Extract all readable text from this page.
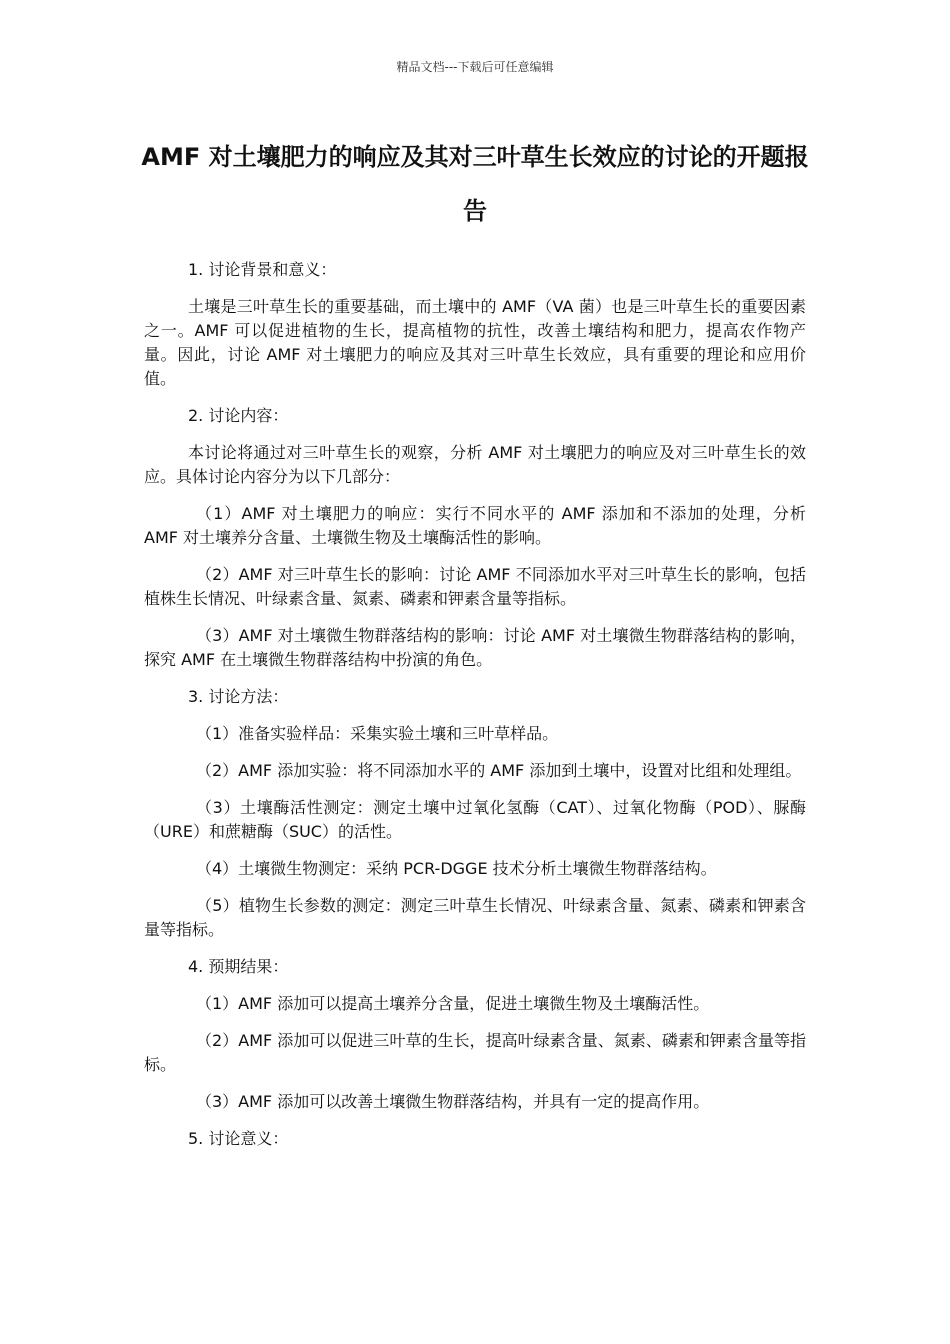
精品文档---下载后可任意编辑
AMF 对土壤肥力的响应及其对三叶草生长效应的讨论的开题报告

1. 讨论背景和意义：

土壤是三叶草生长的重要基础，而土壤中的 AMF（VA 菌）也是三叶草生长的重要因素之一。AMF 可以促进植物的生长，提高植物的抗性，改善土壤结构和肥力，提高农作物产量。因此，讨论 AMF 对土壤肥力的响应及其对三叶草生长效应，具有重要的理论和应用价值。

2. 讨论内容：

本讨论将通过对三叶草生长的观察，分析 AMF 对土壤肥力的响应及对三叶草生长的效应。具体讨论内容分为以下几部分：

（1）AMF 对土壤肥力的响应：实行不同水平的 AMF 添加和不添加的处理，分析 AMF 对土壤养分含量、土壤微生物及土壤酶活性的影响。

（2）AMF 对三叶草生长的影响：讨论 AMF 不同添加水平对三叶草生长的影响，包括植株生长情况、叶绿素含量、氮素、磷素和钾素含量等指标。

（3）AMF 对土壤微生物群落结构的影响：讨论 AMF 对土壤微生物群落结构的影响，探究 AMF 在土壤微生物群落结构中扮演的角色。

3. 讨论方法：

（1）准备实验样品：采集实验土壤和三叶草样品。

（2）AMF 添加实验：将不同添加水平的 AMF 添加到土壤中，设置对比组和处理组。

（3）土壤酶活性测定：测定土壤中过氧化氢酶（CAT）、过氧化物酶（POD）、脲酶（URE）和蔗糖酶（SUC）的活性。

（4）土壤微生物测定：采纳 PCR-DGGE 技术分析土壤微生物群落结构。

（5）植物生长参数的测定：测定三叶草生长情况、叶绿素含量、氮素、磷素和钾素含量等指标。

4. 预期结果：

（1）AMF 添加可以提高土壤养分含量，促进土壤微生物及土壤酶活性。

（2）AMF 添加可以促进三叶草的生长，提高叶绿素含量、氮素、磷素和钾素含量等指标。

（3）AMF 添加可以改善土壤微生物群落结构，并具有一定的提高作用。

5. 讨论意义：
